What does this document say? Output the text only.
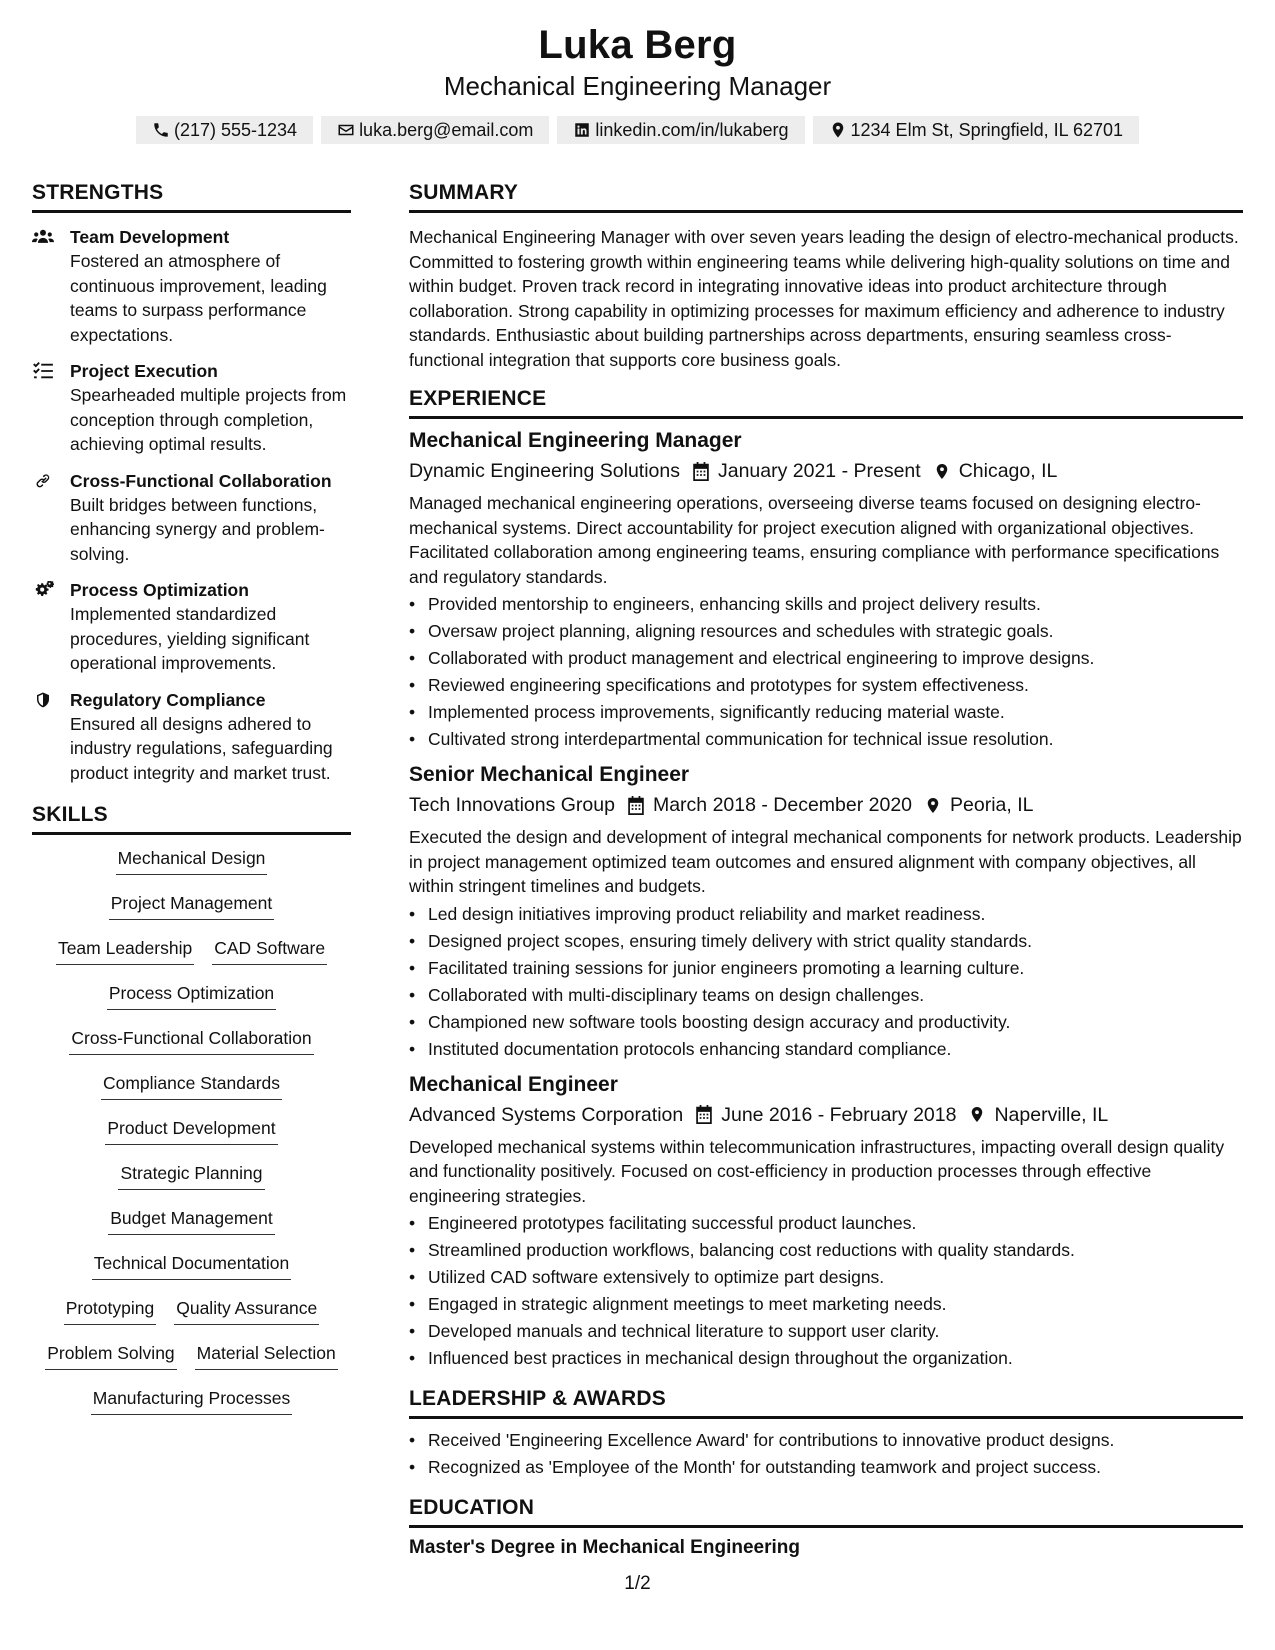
Luka Berg
Mechanical Engineering Manager
(217) 555-1234	luka.berg@email.com	linkedin.com/in/lukaberg	1234 Elm St, Springfield, IL 62701
STRENGTHS
Team Development
Fostered an atmosphere of continuous improvement, leading teams to surpass performance expectations.
Project Execution
Spearheaded multiple projects from conception through completion, achieving optimal results.
Cross-Functional Collaboration
Built bridges between functions, enhancing synergy and problem-solving.
Process Optimization
Implemented standardized procedures, yielding significant operational improvements.
Regulatory Compliance
Ensured all designs adhered to industry regulations, safeguarding product integrity and market trust.
SKILLS
Mechanical Design
Project Management
Team Leadership CAD Software
Process Optimization
Cross-Functional Collaboration
Compliance Standards
Product Development
Strategic Planning
Budget Management
Technical Documentation
Prototyping Quality Assurance
Problem Solving Material Selection
Manufacturing Processes
SUMMARY
Mechanical Engineering Manager with over seven years leading the design of electro-mechanical products. Committed to fostering growth within engineering teams while delivering high-quality solutions on time and within budget. Proven track record in integrating innovative ideas into product architecture through collaboration. Strong capability in optimizing processes for maximum efficiency and adherence to industry standards. Enthusiastic about building partnerships across departments, ensuring seamless cross-functional integration that supports core business goals.
EXPERIENCE
Mechanical Engineering Manager
Dynamic Engineering Solutions January 2021 - Present Chicago, IL
Managed mechanical engineering operations, overseeing diverse teams focused on designing electro-mechanical systems. Direct accountability for project execution aligned with organizational objectives. Facilitated collaboration among engineering teams, ensuring compliance with performance specifications and regulatory standards.
• Provided mentorship to engineers, enhancing skills and project delivery results.
• Oversaw project planning, aligning resources and schedules with strategic goals.
• Collaborated with product management and electrical engineering to improve designs.
• Reviewed engineering specifications and prototypes for system effectiveness.
• Implemented process improvements, significantly reducing material waste.
• Cultivated strong interdepartmental communication for technical issue resolution.
Senior Mechanical Engineer
Tech Innovations Group March 2018 - December 2020 Peoria, IL
Executed the design and development of integral mechanical components for network products. Leadership in project management optimized team outcomes and ensured alignment with company objectives, all within stringent timelines and budgets.
• Led design initiatives improving product reliability and market readiness.
• Designed project scopes, ensuring timely delivery with strict quality standards.
• Facilitated training sessions for junior engineers promoting a learning culture.
• Collaborated with multi-disciplinary teams on design challenges.
• Championed new software tools boosting design accuracy and productivity.
• Instituted documentation protocols enhancing standard compliance.
Mechanical Engineer
Advanced Systems Corporation June 2016 - February 2018 Naperville, IL
Developed mechanical systems within telecommunication infrastructures, impacting overall design quality and functionality positively. Focused on cost-efficiency in production processes through effective engineering strategies.
• Engineered prototypes facilitating successful product launches.
• Streamlined production workflows, balancing cost reductions with quality standards.
• Utilized CAD software extensively to optimize part designs.
• Engaged in strategic alignment meetings to meet marketing needs.
• Developed manuals and technical literature to support user clarity.
• Influenced best practices in mechanical design throughout the organization.
LEADERSHIP & AWARDS
• Received 'Engineering Excellence Award' for contributions to innovative product designs.
• Recognized as 'Employee of the Month' for outstanding teamwork and project success.
EDUCATION
Master's Degree in Mechanical Engineering
1/2
